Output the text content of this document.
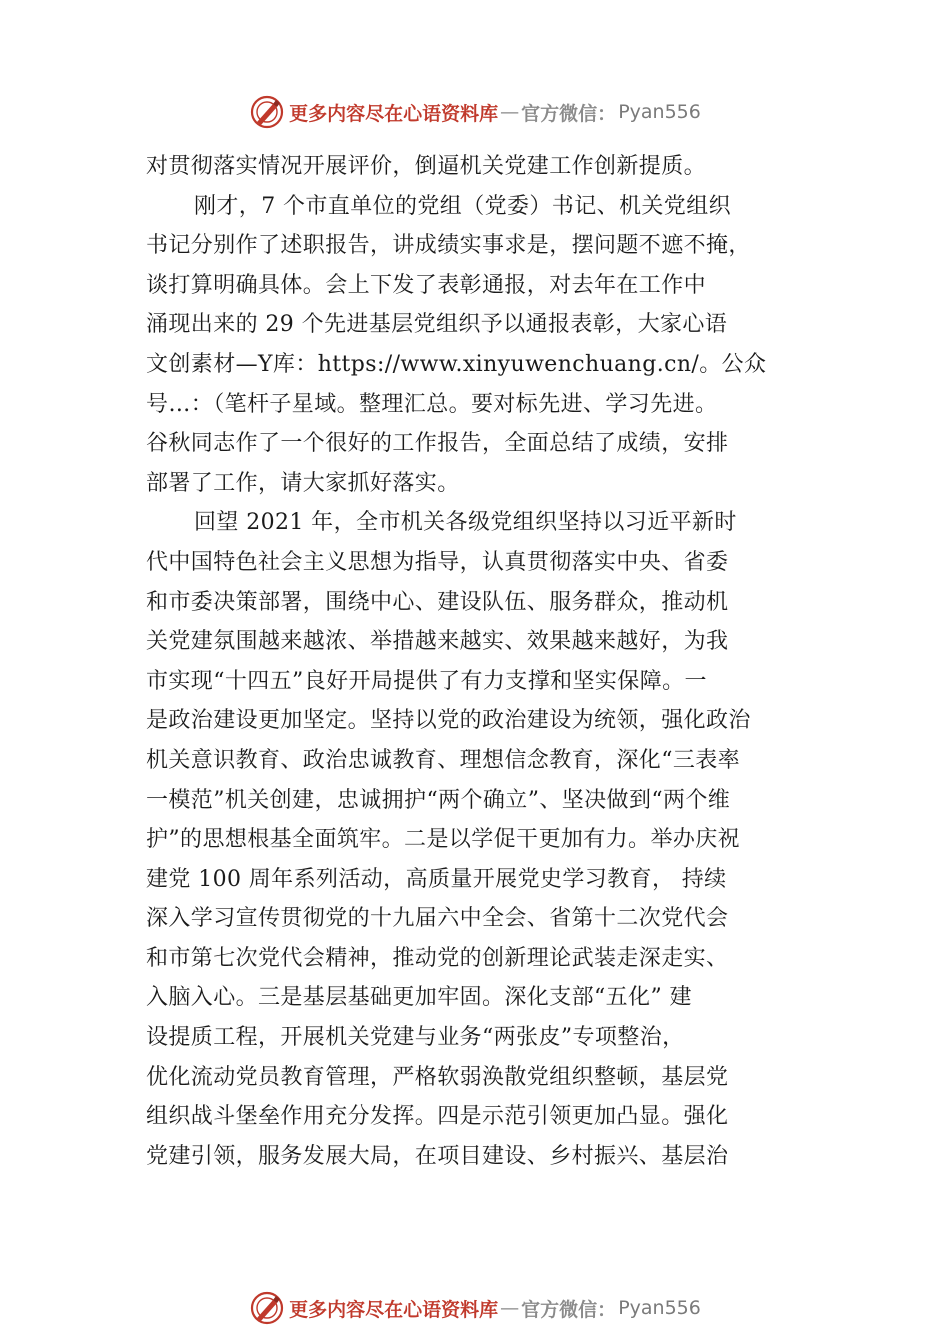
更多内容尽在心语资料库 — 官方微信： Pyan556
对贯彻落实情况开展评价，倒逼机关党建工作创新提质。
刚才，7 个市直单位的党组（党委）书记、机关党组织
书记分别作了述职报告，讲成绩实事求是，摆问题不遮不掩，
谈打算明确具体。会上下发了表彰通报，对去年在工作中
涌现出来的 29 个先进基层党组织予以通报表彰，大家心语
文创素材—Y库：https://www.xinyuwenchuang.cn/。公众
号…：（笔杆子星域。整理汇总。要对标先进、学习先进。
谷秋同志作了一个很好的工作报告，全面总结了成绩，安排
部署了工作，请大家抓好落实。
回望 2021 年，全市机关各级党组织坚持以习近平新时
代中国特色社会主义思想为指导，认真贯彻落实中央、省委
和市委决策部署，围绕中心、建设队伍、服务群众，推动机
关党建氛围越来越浓、举措越来越实、效果越来越好，为我
市实现“十四五”良好开局提供了有力支撑和坚实保障。一
是政治建设更加坚定。坚持以党的政治建设为统领，强化政治
机关意识教育、政治忠诚教育、理想信念教育，深化“三表率
一模范”机关创建，忠诚拥护“两个确立”、坚决做到“两个维
护”的思想根基全面筑牢。二是以学促干更加有力。举办庆祝
建党 100 周年系列活动，高质量开展党史学习教育， 持续
深入学习宣传贯彻党的十九届六中全会、省第十二次党代会
和市第七次党代会精神，推动党的创新理论武装走深走实、
入脑入心。三是基层基础更加牢固。深化支部“五化” 建
设提质工程，开展机关党建与业务“两张皮”专项整治，
优化流动党员教育管理，严格软弱涣散党组织整顿，基层党
组织战斗堡垒作用充分发挥。四是示范引领更加凸显。强化
党建引领，服务发展大局，在项目建设、乡村振兴、基层治
更多内容尽在心语资料库 — 官方微信： Pyan556
